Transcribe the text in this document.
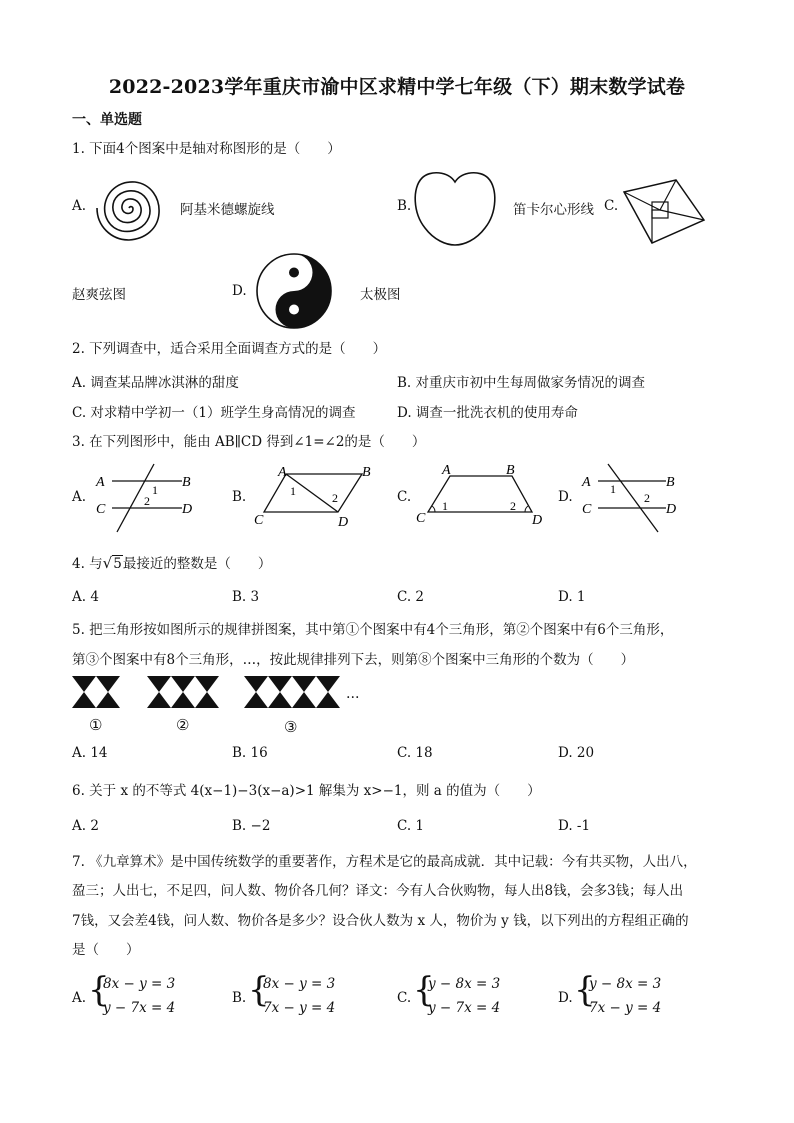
2022-2023学年重庆市渝中区求精中学七年级（下）期末数学试卷
一、单选题
1. 下面4个图案中是轴对称图形的是（　　）
A.	阿基米德螺旋线	B.	笛卡尔心形线 C.
赵爽弦图	D.	太极图
2. 下列调查中，适合采用全面调查方式的是（　　）
A. 调查某品牌冰淇淋的甜度	B. 对重庆市初中生每周做家务情况的调查
C. 对求精中学初一（1）班学生身高情况的调查	D. 调查一批洗衣机的使用寿命
3. 在下列图形中，能由 AB∥CD 得到∠1=∠2的是（　　）
A.
A	B
C	D
1
2	B.
A	B
C	D
1	2	C.
A	B
C	D
1	2
D.
A	B
C	D
1
2
4. 与√5最接近的整数是（　　）
A. 4	B. 3	C. 2	D. 1
5. 把三角形按如图所示的规律拼图案，其中第①个图案中有4个三角形，第②个图案中有6个三角形，
第③个图案中有8个三角形，…，按此规律排列下去，则第⑧个图案中三角形的个数为（　　）
…
①	②	③
A. 14	B. 16	C. 18	D. 20
6. 关于 x 的不等式 4(x−1)−3(x−a)>1 解集为 x>−1，则 a 的值为（　　）
A. 2	B. −2	C. 1	D. -1
7. 《九章算术》是中国传统数学的重要著作，方程术是它的最高成就．其中记载：今有共买物，人出八，
盈三；人出七，不足四，问人数、物价各几何？译文：今有人合伙购物，每人出8钱，会多3钱；每人出
7钱，又会差4钱，问人数、物价各是多少？设合伙人数为 x 人，物价为 y 钱，以下列出的方程组正确的
是（　　）
A. {
8x − y = 3
y − 7x = 4
B. {
8x − y = 3
7x − y = 4
C. {
y − 8x = 3
y − 7x = 4
D. {
y − 8x = 3
7x − y = 4
